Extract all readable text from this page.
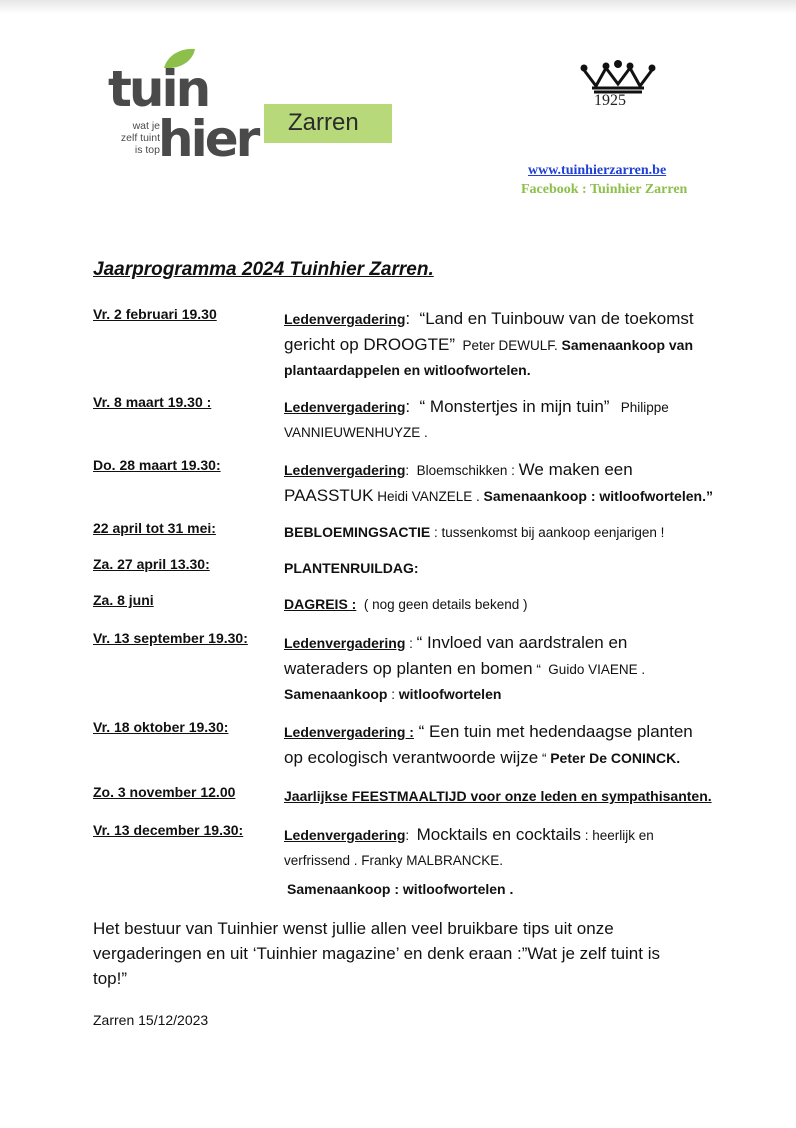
tuin
hier
wat je
zelf tuint
is top
Zarren
1925
www.tuinhierzarren.be
Facebook : Tuinhier Zarren
Jaarprogramma 2024 Tuinhier Zarren.
Vr. 2 februari 19.30	Ledenvergadering:  “Land en Tuinbouw van de toekomst
gericht op DROOGTE”  Peter DEWULF. Samenaankoop van
plantaardappelen en witloofwortelen.
Vr. 8 maart 19.30 :	Ledenvergadering:  “ Monstertjes in mijn tuin”   Philippe
VANNIEUWENHUYZE .
Do. 28 maart 19.30:	Ledenvergadering:  Bloemschikken : We maken een
PAASSTUK Heidi VANZELE . Samenaankoop : witloofwortelen.”
22 april tot 31 mei:	BEBLOEMINGSACTIE : tussenkomst bij aankoop eenjarigen !
Za. 27 april 13.30:	PLANTENRUILDAG:
Za. 8 juni	DAGREIS :  ( nog geen details bekend )
Vr. 13 september 19.30:	Ledenvergadering : “ Invloed van aardstralen en
wateraders op planten en bomen “  Guido VIAENE .
Samenaankoop : witloofwortelen
Vr. 18 oktober 19.30:	Ledenvergadering : “ Een tuin met hedendaagse planten
op ecologisch verantwoorde wijze “ Peter De CONINCK.
Zo. 3 november 12.00	Jaarlijkse FEESTMAALTIJD voor onze leden en sympathisanten.
Vr. 13 december 19.30:	Ledenvergadering:  Mocktails en cocktails : heerlijk en
verfrissend . Franky MALBRANCKE.
Samenaankoop : witloofwortelen .
Het bestuur van Tuinhier wenst jullie allen veel bruikbare tips uit onze
vergaderingen en uit ‘Tuinhier magazine’ en denk eraan :”Wat je zelf tuint is
top!”
Zarren 15/12/2023
